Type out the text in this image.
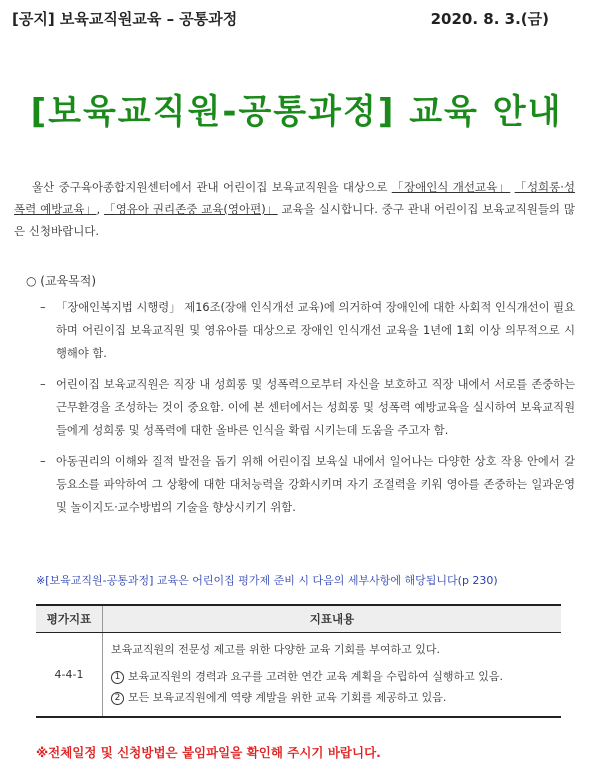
[공지] 보육교직원교육 – 공통과정	2020. 8. 3.(금)
[보육교직원-공통과정] 교육 안내
울산 중구육아종합지원센터에서 관내 어린이집 보육교직원을 대상으로 「장애인식 개선교육」 「성희롱·성폭력 예방교육」, 「영유아 권리존중 교육(영아편)」 교육을 실시합니다. 중구 관내 어린이집 보육교직원들의 많은 신청바랍니다.
○ (교육목적)
– 「장애인복지법 시행령」 제16조(장애 인식개선 교육)에 의거하여 장애인에 대한 사회적 인식개선이 필요하며 어린이집 보육교직원 및 영유아를 대상으로 장애인 인식개선 교육을 1년에 1회 이상 의무적으로 시행해야 함.
– 어린이집 보육교직원은 직장 내 성희롱 및 성폭력으로부터 자신을 보호하고 직장 내에서 서로를 존중하는 근무환경을 조성하는 것이 중요함. 이에 본 센터에서는 성희롱 및 성폭력 예방교육을 실시하여 보육교직원들에게 성희롱 및 성폭력에 대한 올바른 인식을 확립 시키는데 도움을 주고자 함.
– 아동권리의 이해와 질적 발전을 돕기 위해 어린이집 보육실 내에서 일어나는 다양한 상호 작용 안에서 갈등요소를 파악하여 그 상황에 대한 대처능력을 강화시키며 자기 조절력을 키워 영아를 존중하는 일과운영 및 놀이지도·교수방법의 기술을 향상시키기 위함.
※[보육교직원-공통과정] 교육은 어린이집 평가제 준비 시 다음의 세부사항에 해당됩니다(p 230)
평가지표	지표내용
4-4-1	보육교직원의 전문성 제고를 위한 다양한 교육 기회를 부여하고 있다.
1 보육교직원의 경력과 요구를 고려한 연간 교육 계획을 수립하여 실행하고 있음.
2 모든 보육교직원에게 역량 계발을 위한 교육 기회를 제공하고 있음.
※전체일정 및 신청방법은 붙임파일을 확인해 주시기 바랍니다.
